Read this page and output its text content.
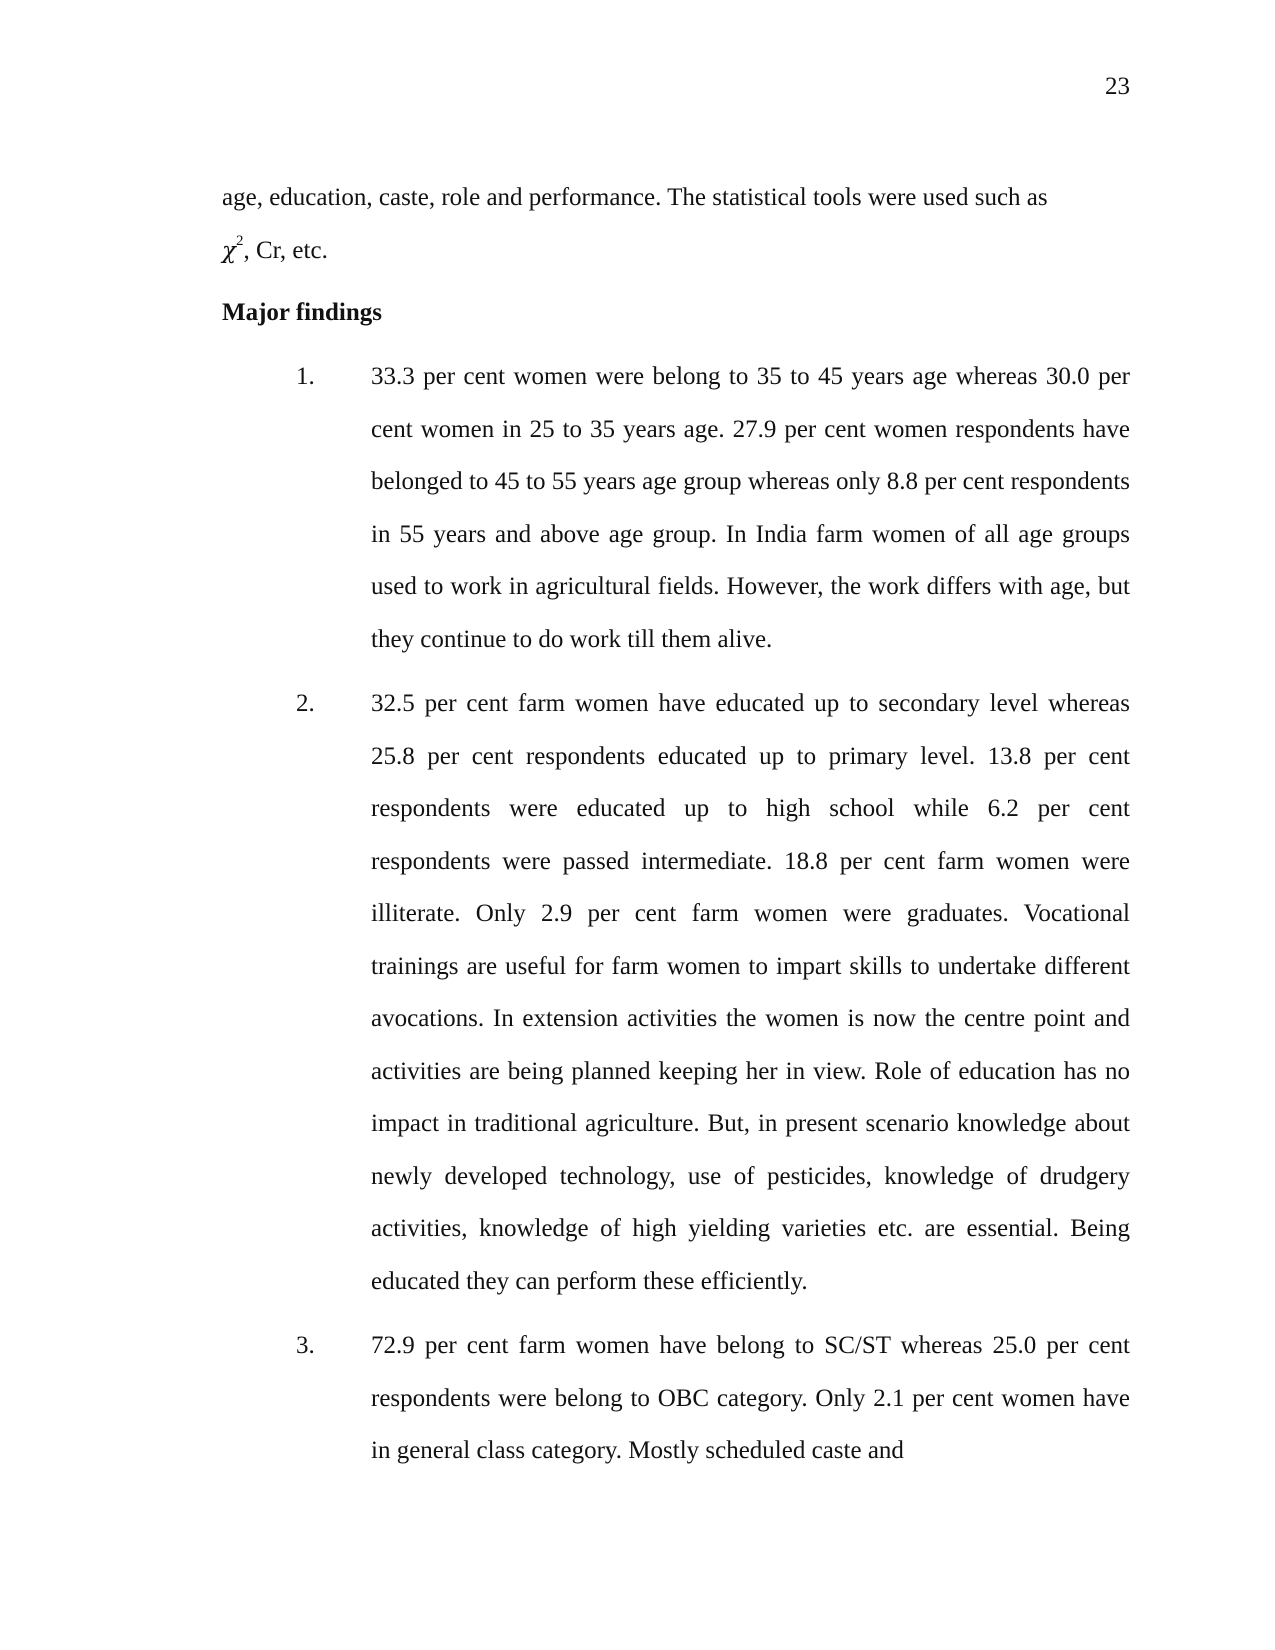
23

age, education, caste, role and performance. The statistical tools were used such as
$\chi^2$, Cr, etc.

Major findings
1.	33.3 per cent women were belong to 35 to 45 years age whereas 30.0 per cent women in 25 to 35 years age. 27.9 per cent women respondents have belonged to 45 to 55 years age group whereas only 8.8 per cent respondents in 55 years and above age group. In India farm women of all age groups used to work in agricultural fields. However, the work differs with age, but they continue to do work till them alive.

2.	32.5 per cent farm women have educated up to secondary level whereas 25.8 per cent respondents educated up to primary level. 13.8 per cent respondents were educated up to high school while 6.2 per cent respondents were passed intermediate. 18.8 per cent farm women were illiterate. Only 2.9 per cent farm women were graduates. Vocational trainings are useful for farm women to impart skills to undertake different avocations. In extension activities the women is now the centre point and activities are being planned keeping her in view. Role of education has no impact in traditional agriculture. But, in present scenario knowledge about newly developed technology, use of pesticides, knowledge of drudgery activities, knowledge of high yielding varieties etc. are essential. Being educated they can perform these efficiently.

3.	72.9 per cent farm women have belong to SC/ST whereas 25.0 per cent respondents were belong to OBC category. Only 2.1 per cent women have in general class category. Mostly scheduled caste and
